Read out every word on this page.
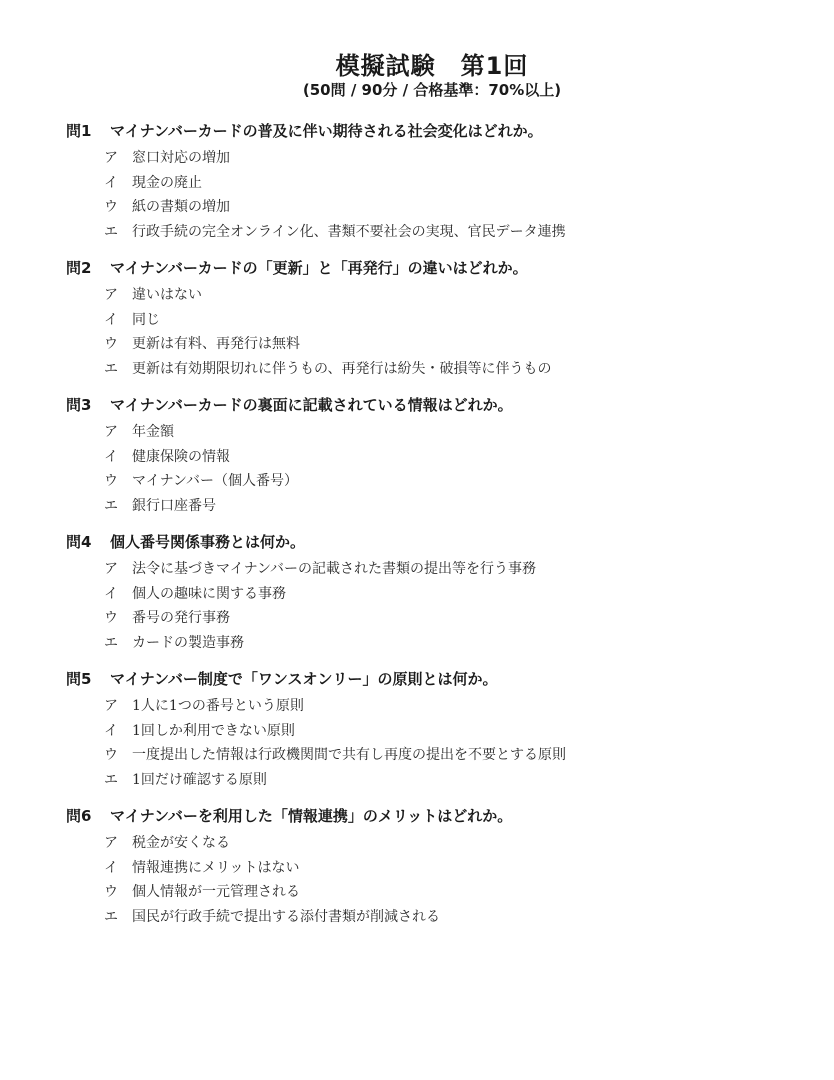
模擬試験　第1回
(50問 / 90分 / 合格基準：70%以上)
問1	マイナンバーカードの普及に伴い期待される社会変化はどれか。
ア	窓口対応の増加
イ	現金の廃止
ウ	紙の書類の増加
エ	行政手続の完全オンライン化、書類不要社会の実現、官民データ連携
問2	マイナンバーカードの「更新」と「再発行」の違いはどれか。
ア	違いはない
イ	同じ
ウ	更新は有料、再発行は無料
エ	更新は有効期限切れに伴うもの、再発行は紛失・破損等に伴うもの
問3	マイナンバーカードの裏面に記載されている情報はどれか。
ア	年金額
イ	健康保険の情報
ウ	マイナンバー（個人番号）
エ	銀行口座番号
問4	個人番号関係事務とは何か。
ア	法令に基づきマイナンバーの記載された書類の提出等を行う事務
イ	個人の趣味に関する事務
ウ	番号の発行事務
エ	カードの製造事務
問5	マイナンバー制度で「ワンスオンリー」の原則とは何か。
ア	1人に1つの番号という原則
イ	1回しか利用できない原則
ウ	一度提出した情報は行政機関間で共有し再度の提出を不要とする原則
エ	1回だけ確認する原則
問6	マイナンバーを利用した「情報連携」のメリットはどれか。
ア	税金が安くなる
イ	情報連携にメリットはない
ウ	個人情報が一元管理される
エ	国民が行政手続で提出する添付書類が削減される
